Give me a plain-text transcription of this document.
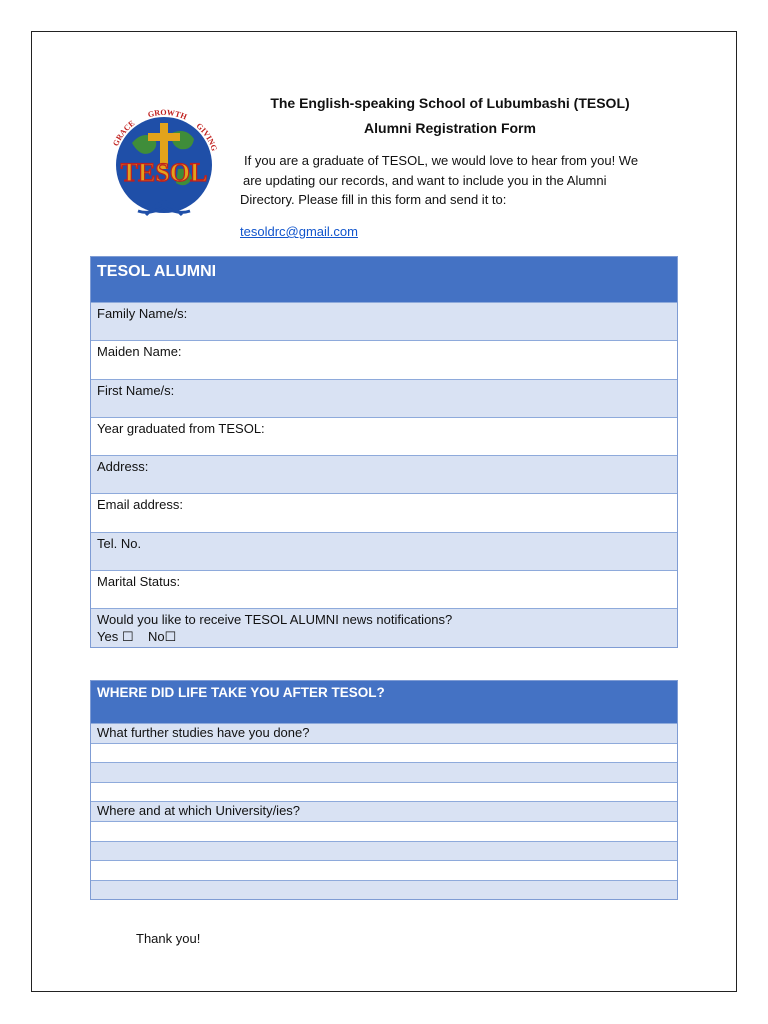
TESOL
GRACE
GROWTH
GIVING
The English-speaking School of Lubumbashi (TESOL)
Alumni Registration Form
If you are a graduate of TESOL, we would love to hear from you! We
are updating our records, and want to include you in the Alumni
Directory. Please fill in this form and send it to:
tesoldrc@gmail.com
TESOL ALUMNI
Family Name/s:
Maiden Name:
First Name/s:
Year graduated from TESOL:
Address:
Email address:
Tel. No.
Marital Status:
Would you like to receive TESOL ALUMNI news notifications?
Yes ☐ No☐
WHERE DID LIFE TAKE YOU AFTER TESOL?
What further studies have you done?
Where and at which University/ies?
Thank you!
